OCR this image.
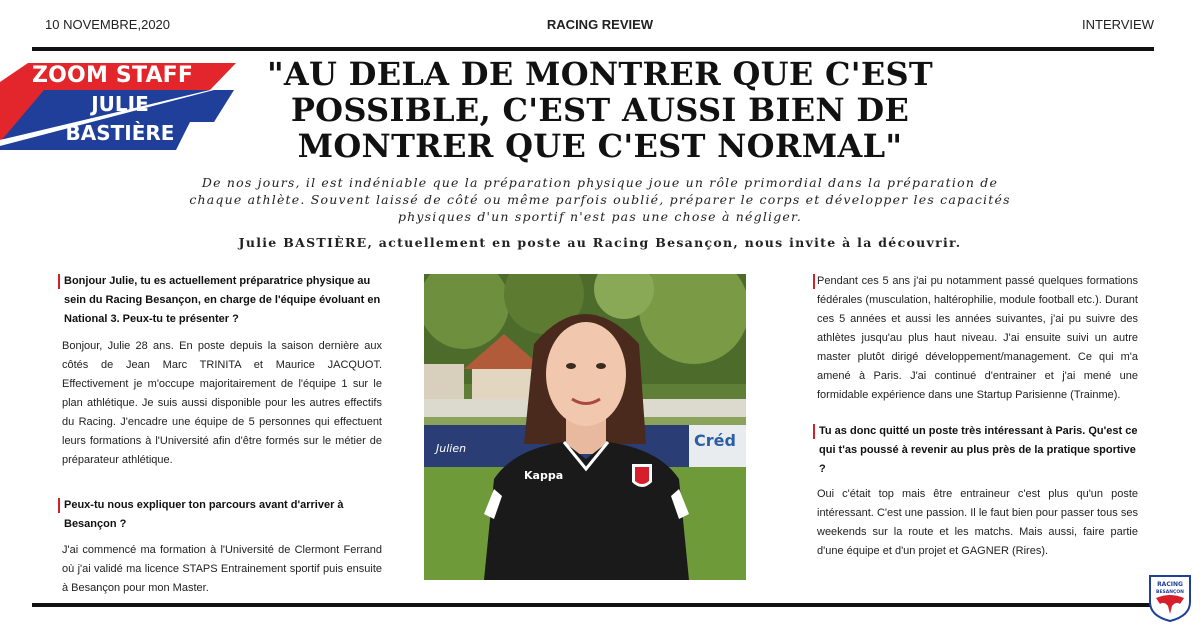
10 NOVEMBRE,2020	RACING REVIEW	INTERVIEW
ZOOM STAFF
JULIE
BASTIÈRE
"AU DELA DE MONTRER QUE C'EST POSSIBLE, C'EST AUSSI BIEN DE MONTRER QUE C'EST NORMAL"
De nos jours, il est indéniable que la préparation physique joue un rôle primordial dans la préparation de chaque athlète. Souvent laissé de côté ou même parfois oublié, préparer le corps et développer les capacités physiques d'un sportif n'est pas une chose à négliger.
Julie BASTIÈRE, actuellement en poste au Racing Besançon, nous invite à la découvrir.
Bonjour Julie, tu es actuellement préparatrice physique au sein du Racing Besançon, en charge de l'équipe évoluant en National 3. Peux-tu te présenter ?
Bonjour, Julie 28 ans. En poste depuis la saison dernière aux côtés de Jean Marc TRINITA et Maurice JACQUOT. Effectivement je m'occupe majoritairement de l'équipe 1 sur le plan athlétique. Je suis aussi disponible pour les autres effectifs du Racing. J'encadre une équipe de 5 personnes qui effectuent leurs formations à l'Université afin d'être formés sur le métier de préparateur athlétique.
Peux-tu nous expliquer ton parcours avant d'arriver à Besançon ?
J'ai commencé ma formation à l'Université de Clermont Ferrand où j'ai validé ma licence STAPS Entrainement sportif puis ensuite à Besançon pour mon Master.
Julien	Créd
Kappa
Pendant ces 5 ans j'ai pu notamment passé quelques formations fédérales (musculation, haltérophilie, module football etc.). Durant ces 5 années et aussi les années suivantes, j'ai pu suivre des athlètes jusqu'au plus haut niveau. J'ai ensuite suivi un autre master plutôt dirigé développement/management. Ce qui m'a amené à Paris. J'ai continué d'entrainer et j'ai mené une formidable expérience dans une Startup Parisienne (Trainme).
Tu as donc quitté un poste très intéressant à Paris. Qu'est ce qui t'as poussé à revenir au plus près de la pratique sportive ?
Oui c'était top mais être entraineur c'est plus qu'un poste intéressant. C'est une passion. Il le faut bien pour passer tous ses weekends sur la route et les matchs. Mais aussi, faire partie d'une équipe et d'un projet et GAGNER (Rires).
RACING
BESANÇON
